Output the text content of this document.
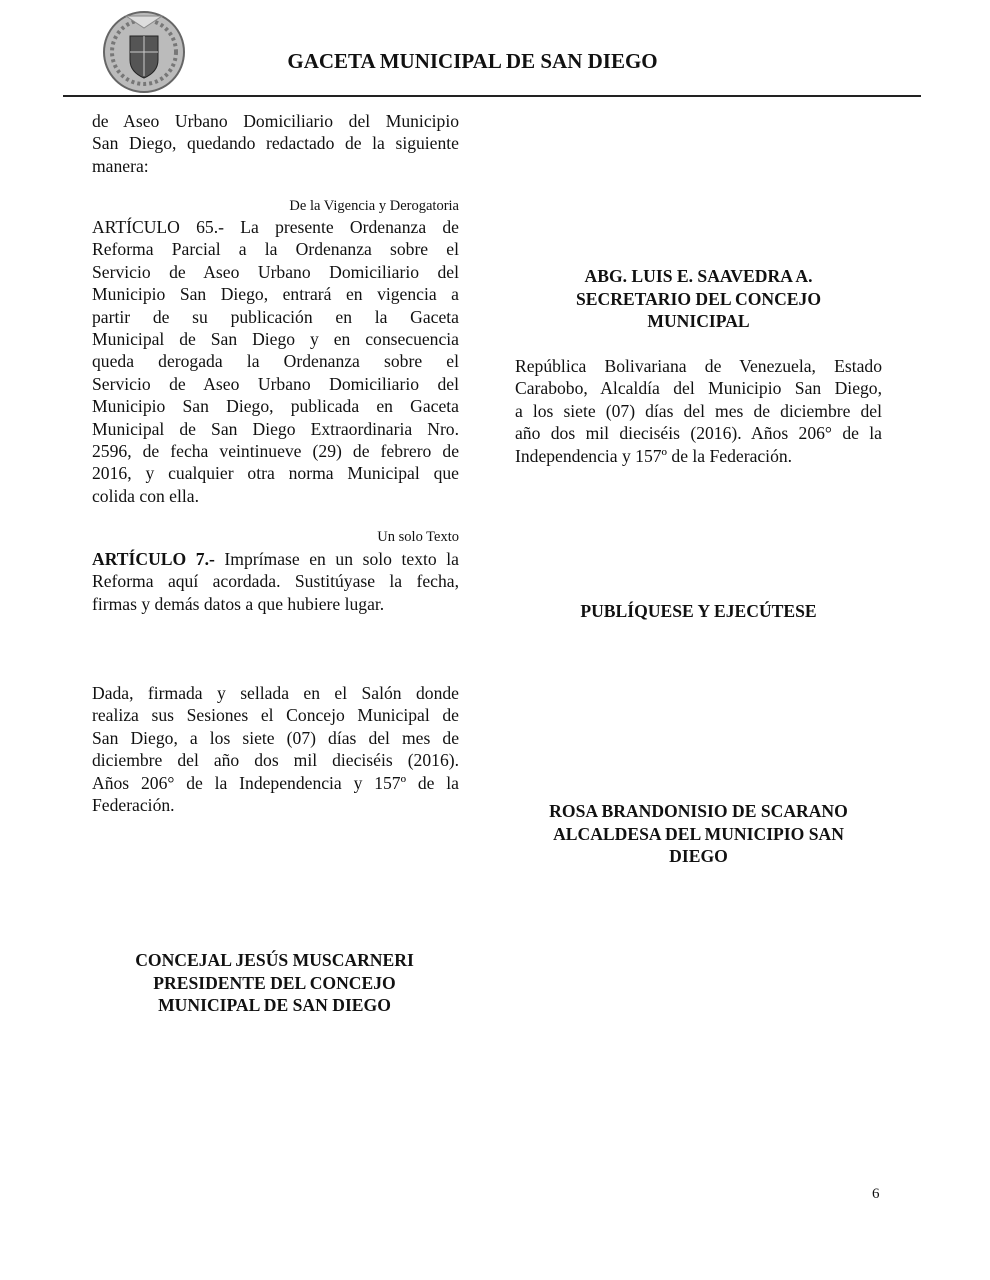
GACETA MUNICIPAL DE SAN DIEGO
de Aseo Urbano Domiciliario del Municipio
San Diego, quedando redactado de la siguiente
manera:
De la Vigencia y Derogatoria
ARTÍCULO 65.- La presente Ordenanza de
Reforma Parcial a la Ordenanza sobre el
Servicio de Aseo Urbano Domiciliario del
Municipio San Diego, entrará en vigencia a
partir de su publicación en la Gaceta
Municipal de San Diego y en consecuencia
queda derogada la Ordenanza sobre el
Servicio de Aseo Urbano Domiciliario del
Municipio San Diego, publicada en Gaceta
Municipal de San Diego Extraordinaria Nro.
2596, de fecha veintinueve (29) de febrero de
2016, y cualquier otra norma Municipal que
colida con ella.
Un solo Texto
ARTÍCULO 7.- Imprímase en un solo texto la
Reforma aquí acordada. Sustitúyase la fecha,
firmas y demás datos a que hubiere lugar.
Dada, firmada y sellada en el Salón donde
realiza sus Sesiones el Concejo Municipal de
San Diego, a los siete (07) días del mes de
diciembre del año dos mil dieciséis (2016).
Años 206° de la Independencia y 157º de la
Federación.
CONCEJAL JESÚS MUSCARNERI
PRESIDENTE DEL CONCEJO
MUNICIPAL DE SAN DIEGO
ABG. LUIS E. SAAVEDRA A.
SECRETARIO DEL CONCEJO
MUNICIPAL
República Bolivariana de Venezuela, Estado
Carabobo, Alcaldía del Municipio San Diego,
a los siete (07) días del mes de diciembre del
año dos mil dieciséis (2016). Años 206° de la
Independencia y 157º de la Federación.
PUBLÍQUESE Y EJECÚTESE
ROSA BRANDONISIO DE SCARANO
ALCALDESA DEL MUNICIPIO SAN
DIEGO
6
